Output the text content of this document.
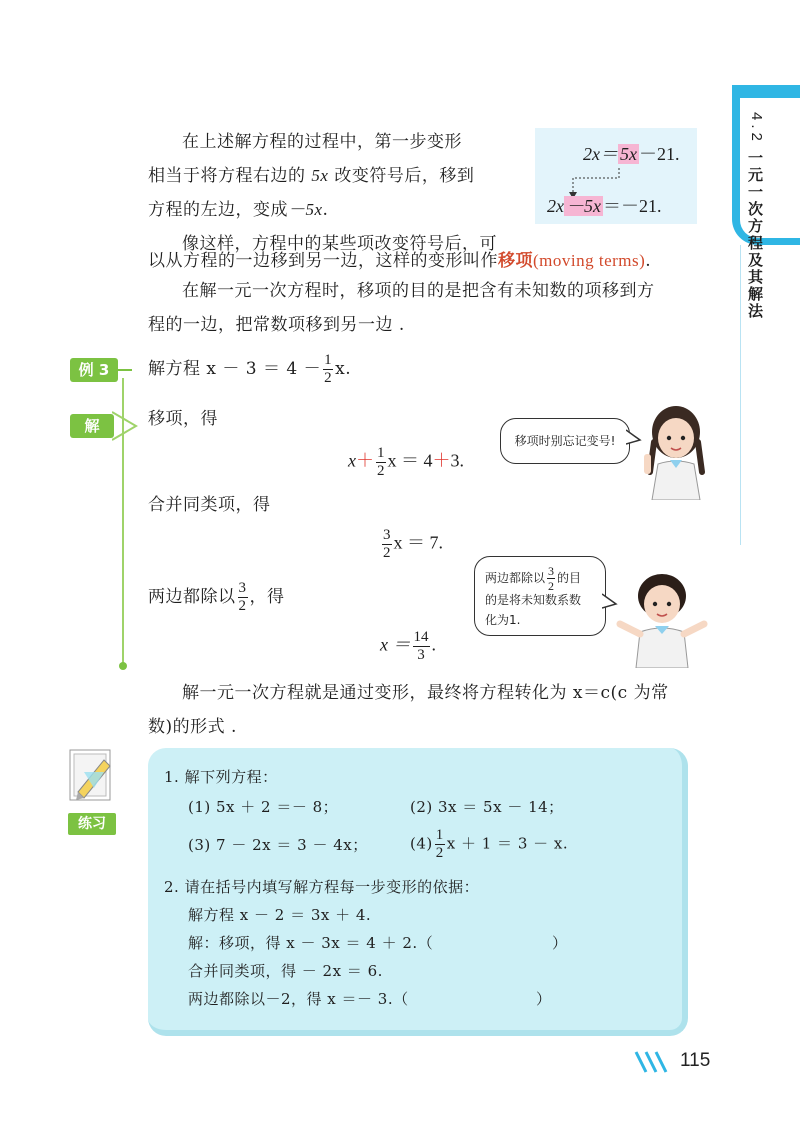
4.2
一元一次方程及其解法
在上述解方程的过程中，第一步变形
相当于将方程右边的 5x 改变符号后，移到
方程的左边，变成－5x.
像这样，方程中的某些项改变符号后，可
以从方程的一边移到另一边，这样的变形叫作移项(moving terms).
在解一元一次方程时，移项的目的是把含有未知数的项移到方
程的一边，把常数项移到另一边 .
2x＝ 5x －21.
2x －5x ＝－21.
例 3	解方程 $x - 3 = 4 - \frac{1}{2} x$.
解	移项，得
$x+ \frac{1}{2}$ x ＝ 4＋3.
合并同类项，得
$\frac{3}{2}$ x ＝ 7.
两边都除以 $\frac{3}{2}$ ，得
$x = \frac{14}{3}$ .
移项时别忘记变号!
两边都除以 $\frac{3}{2}$ 的目
的是将未知数系数
化为1.
解一元一次方程就是通过变形，最终将方程转化为 x＝c(c 为常
数)的形式 .
练习
1. 解下列方程：
(1) 5x ＋ 2 ＝－ 8；	(2) 3x ＝ 5x － 14；
(3) 7 － 2x ＝ 3 － 4x；	$(4) \frac{1}{2}$ x ＋ 1 ＝ 3 － x.
2. 请在括号内填写解方程每一步变形的依据：
解方程 x － 2 ＝ 3x ＋ 4.
解：移项，得 x － 3x ＝ 4 ＋ 2.（	）
合并同类项，得 － 2x ＝ 6.
两边都除以－2，得 x ＝－ 3.（	）
115
